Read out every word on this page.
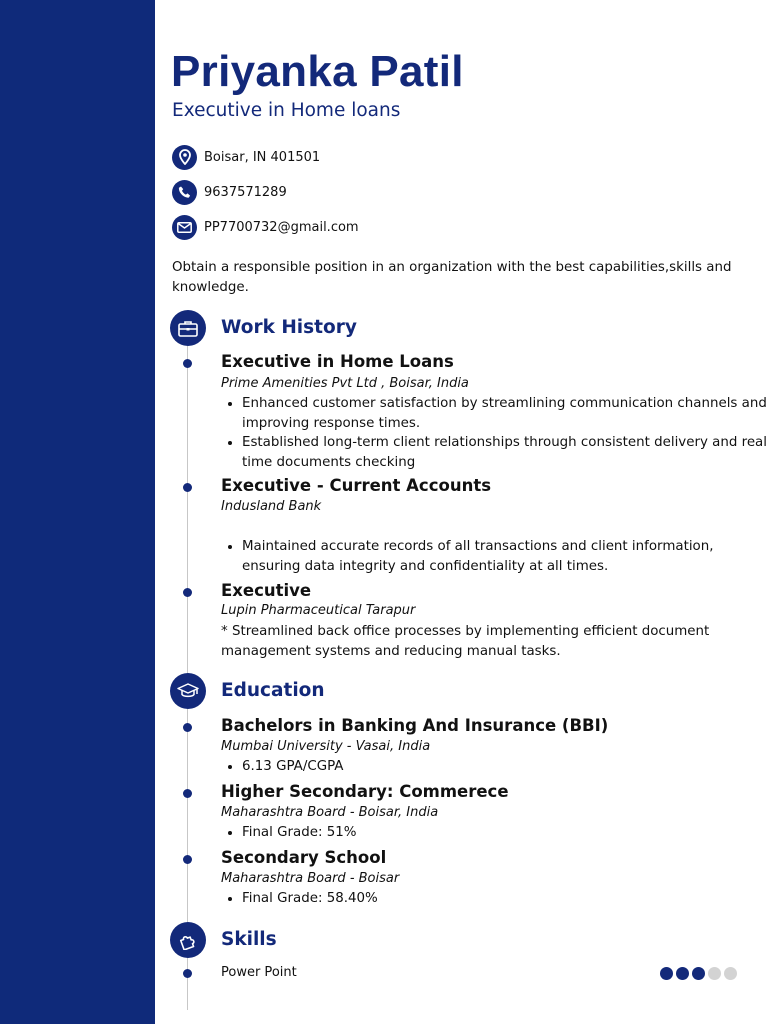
Priyanka Patil
Executive in Home loans
Boisar, IN 401501
9637571289
PP7700732@gmail.com
Obtain a responsible position in an organization with the best capabilities,skills and knowledge.
Work History
Executive in Home Loans
Prime Amenities Pvt Ltd , Boisar, India
• Enhanced customer satisfaction by streamlining communication channels and improving response times.
• Established long-term client relationships through consistent delivery and real time documents checking
Executive - Current Accounts
Indusland Bank
• Maintained accurate records of all transactions and client information, ensuring data integrity and confidentiality at all times.
Executive
Lupin Pharmaceutical Tarapur
* Streamlined back office processes by implementing efficient document management systems and reducing manual tasks.
Education
Bachelors in Banking And Insurance (BBI)
Mumbai University - Vasai, India
• 6.13 GPA/CGPA
Higher Secondary: Commerece
Maharashtra Board - Boisar, India
• Final Grade: 51%
Secondary School
Maharashtra Board - Boisar
• Final Grade: 58.40%
Skills
Power Point
